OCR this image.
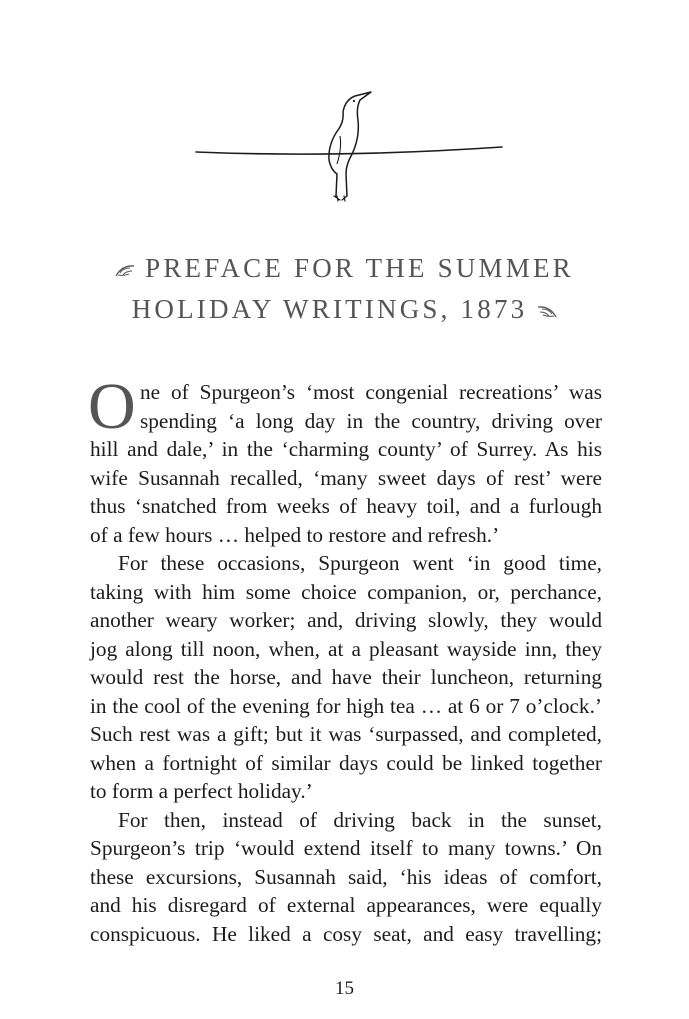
PREFACE FOR THE SUMMER
HOLIDAY WRITINGS, 1873
O ne of Spurgeon’s ‘most congenial recreations’ was
spending ‘a long day in the country, driving over
hill and dale,’ in the ‘charming county’ of Surrey. As his
wife Susannah recalled, ‘many sweet days of rest’ were
thus ‘snatched from weeks of heavy toil, and a furlough
of a few hours … helped to restore and refresh.’
For these occasions, Spurgeon went ‘in good time,
taking with him some choice companion, or, perchance,
another weary worker; and, driving slowly, they would
jog along till noon, when, at a pleasant wayside inn, they
would rest the horse, and have their luncheon, returning
in the cool of the evening for high tea … at 6 or 7 o’clock.’
Such rest was a gift; but it was ‘surpassed, and completed,
when a fortnight of similar days could be linked together
to form a perfect holiday.’
For then, instead of driving back in the sunset,
Spurgeon’s trip ‘would extend itself to many towns.’ On
these excursions, Susannah said, ‘his ideas of comfort,
and his disregard of external appearances, were equally
conspicuous. He liked a cosy seat, and easy travelling;
15
